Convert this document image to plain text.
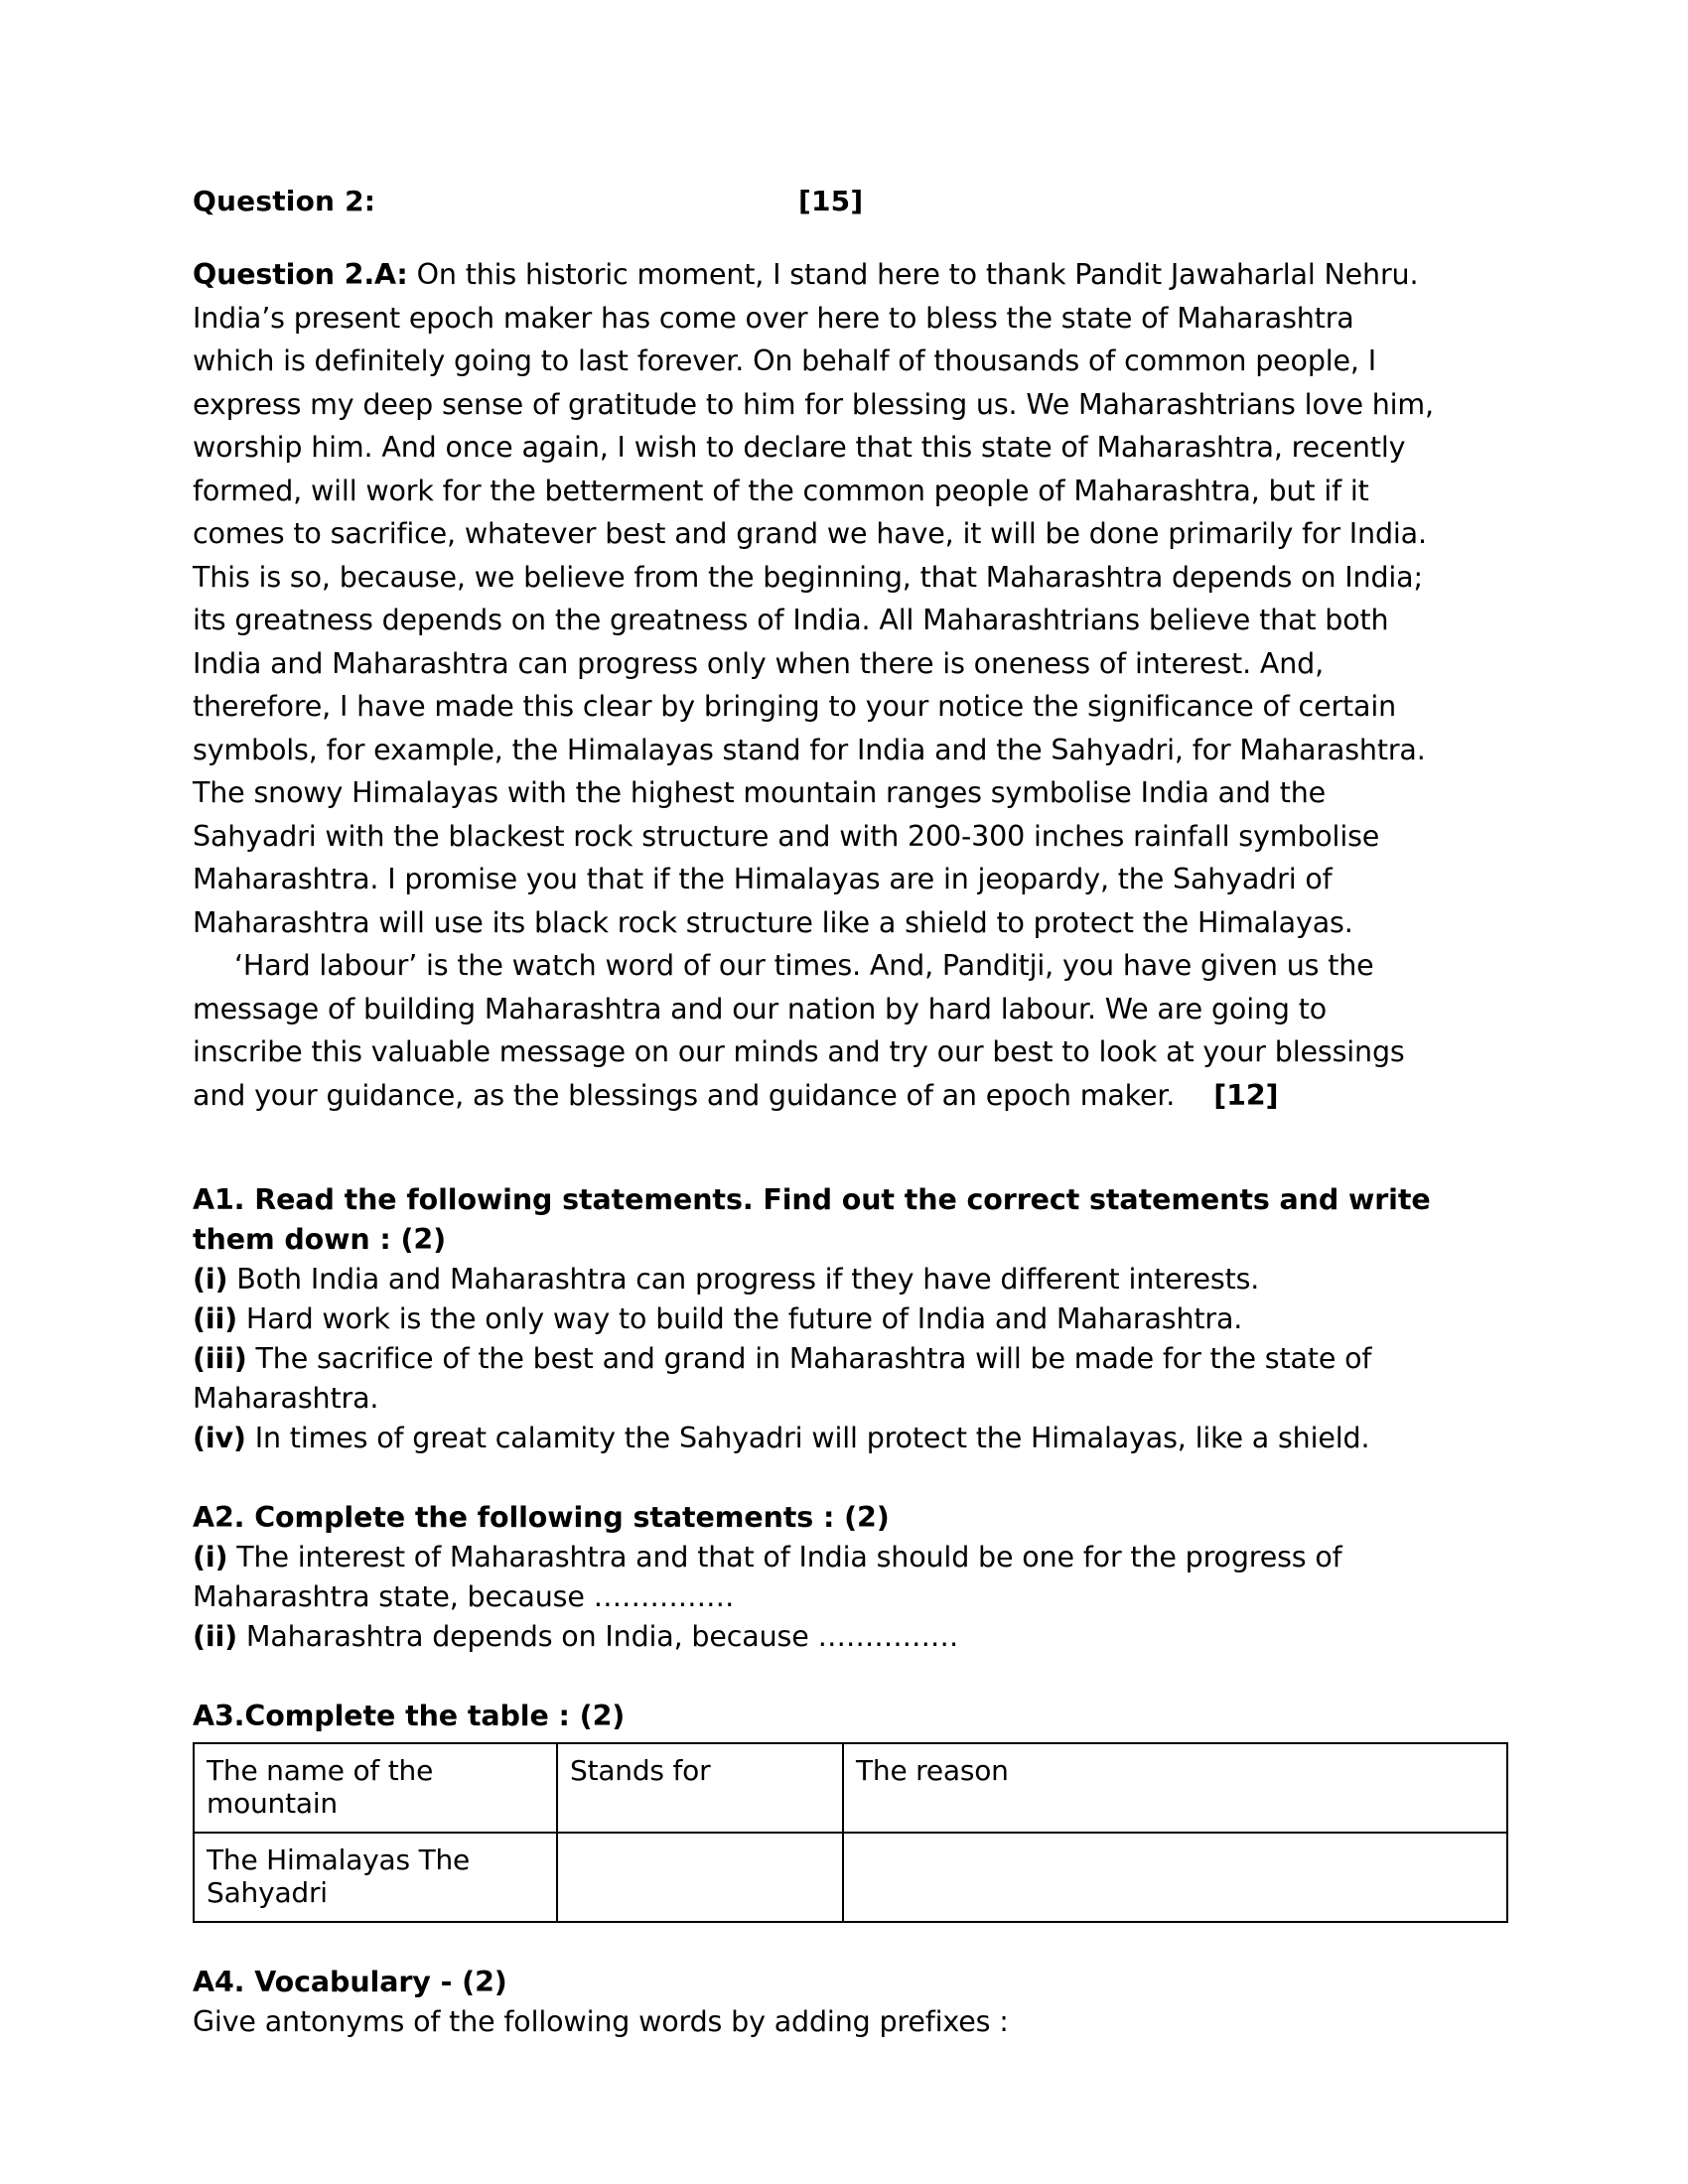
Question 2:	[15]
Question 2.A: On this historic moment, I stand here to thank Pandit Jawaharlal Nehru. India’s present epoch maker has come over here to bless the state of Maharashtra which is definitely going to last forever. On behalf of thousands of common people, I express my deep sense of gratitude to him for blessing us. We Maharashtrians love him, worship him. And once again, I wish to declare that this state of Maharashtra, recently formed, will work for the betterment of the common people of Maharashtra, but if it comes to sacrifice, whatever best and grand we have, it will be done primarily for India. This is so, because, we believe from the beginning, that Maharashtra depends on India; its greatness depends on the greatness of India. All Maharashtrians believe that both India and Maharashtra can progress only when there is oneness of interest. And, therefore, I have made this clear by bringing to your notice the significance of certain symbols, for example, the Himalayas stand for India and the Sahyadri, for Maharashtra. The snowy Himalayas with the highest mountain ranges symbolise India and the Sahyadri with the blackest rock structure and with 200-300 inches rainfall symbolise Maharashtra. I promise you that if the Himalayas are in jeopardy, the Sahyadri of Maharashtra will use its black rock structure like a shield to protect the Himalayas.
‘Hard labour’ is the watch word of our times. And, Panditji, you have given us the message of building Maharashtra and our nation by hard labour. We are going to inscribe this valuable message on our minds and try our best to look at your blessings and your guidance, as the blessings and guidance of an epoch maker.    [12]
A1. Read the following statements. Find out the correct statements and write them down : (2)
(i) Both India and Maharashtra can progress if they have different interests.
(ii) Hard work is the only way to build the future of India and Maharashtra.
(iii) The sacrifice of the best and grand in Maharashtra will be made for the state of Maharashtra.
(iv) In times of great calamity the Sahyadri will protect the Himalayas, like a shield.
A2. Complete the following statements : (2)
(i) The interest of Maharashtra and that of India should be one for the progress of Maharashtra state, because ……………
(ii) Maharashtra depends on India, because ……………
A3.Complete the table : (2)
The name of the mountain	Stands for	The reason
The Himalayas The Sahyadri		
A4. Vocabulary - (2)
Give antonyms of the following words by adding prefixes :
